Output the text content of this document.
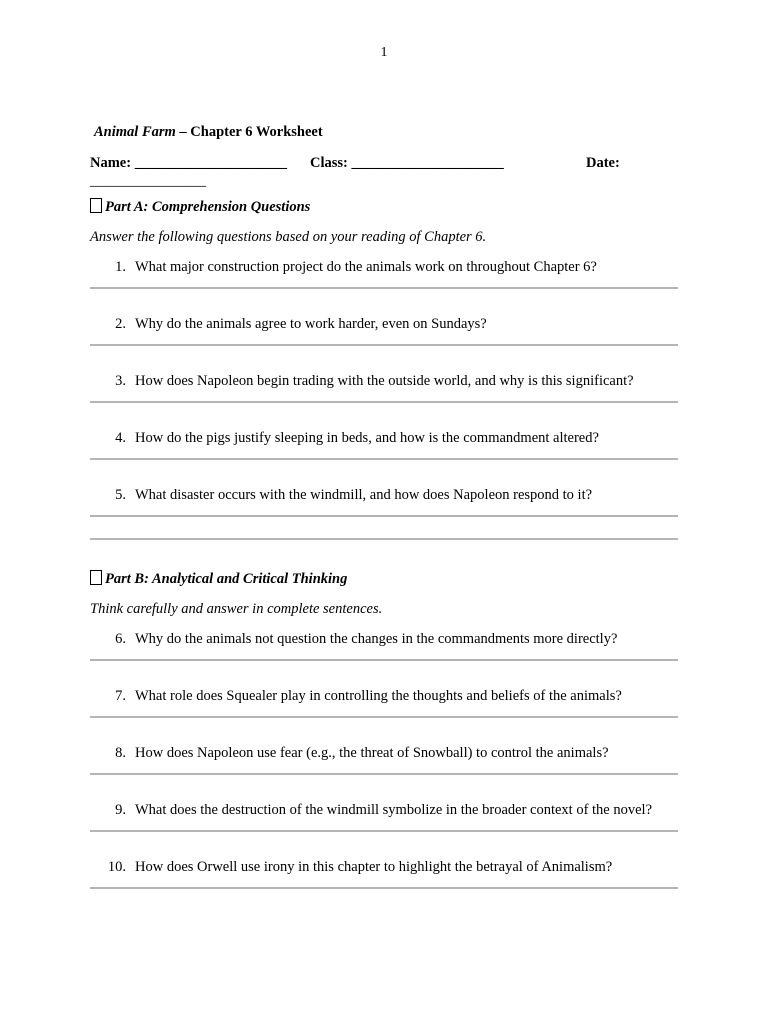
1
Animal Farm – Chapter 6 Worksheet
Name: _____________________ Class: _____________________	Date:
________________
Part A: Comprehension Questions
Answer the following questions based on your reading of Chapter 6.
1. What major construction project do the animals work on throughout Chapter 6?
2. Why do the animals agree to work harder, even on Sundays?
3. How does Napoleon begin trading with the outside world, and why is this significant?
4. How do the pigs justify sleeping in beds, and how is the commandment altered?
5. What disaster occurs with the windmill, and how does Napoleon respond to it?
Part B: Analytical and Critical Thinking
Think carefully and answer in complete sentences.
6. Why do the animals not question the changes in the commandments more directly?
7. What role does Squealer play in controlling the thoughts and beliefs of the animals?
8. How does Napoleon use fear (e.g., the threat of Snowball) to control the animals?
9. What does the destruction of the windmill symbolize in the broader context of the novel?
10. How does Orwell use irony in this chapter to highlight the betrayal of Animalism?
